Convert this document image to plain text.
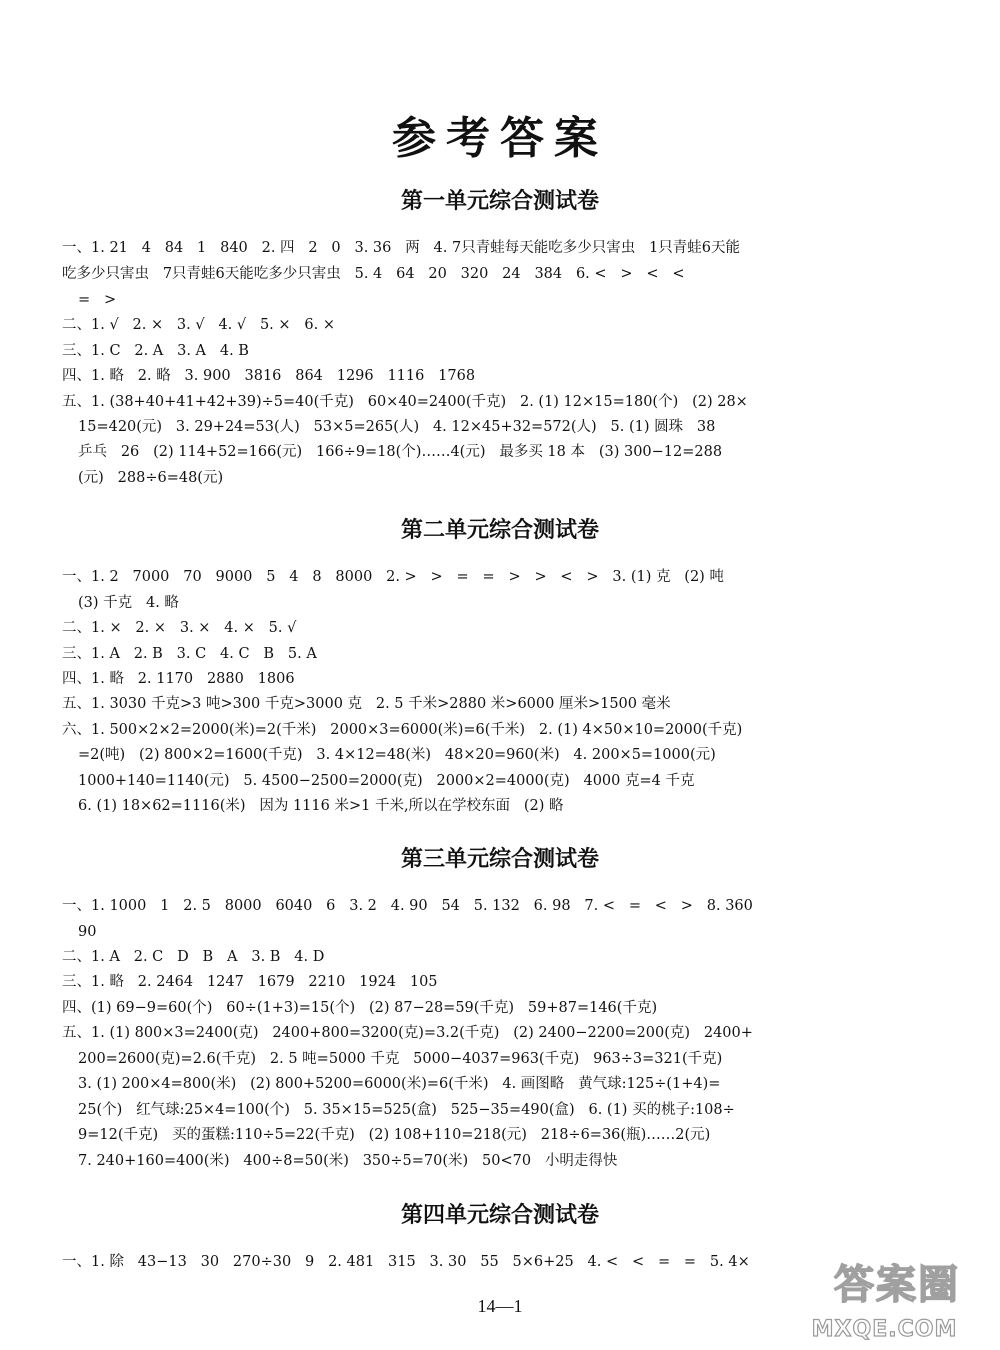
参考答案
第一单元综合测试卷
一、1. 21   4   84   1   840   2. 四   2   0   3. 36   两   4. 7只青蛙每天能吃多少只害虫   1只青蛙6天能
吃多少只害虫   7只青蛙6天能吃多少只害虫   5. 4   64   20   320   24   384   6. <   >   <   <
=   >
二、1. √   2. ×   3. √   4. √   5. ×   6. ×
三、1. C   2. A   3. A   4. B
四、1. 略   2. 略   3. 900   3816   864   1296   1116   1768
五、1. (38+40+41+42+39)÷5=40(千克)   60×40=2400(千克)   2. (1) 12×15=180(个)   (2) 28×
15=420(元)   3. 29+24=53(人)   53×5=265(人)   4. 12×45+32=572(人)   5. (1) 圆珠   38
乒乓   26   (2) 114+52=166(元)   166÷9=18(个)……4(元)   最多买 18 本   (3) 300−12=288
(元)   288÷6=48(元)
第二单元综合测试卷
一、1. 2   7000   70   9000   5   4   8   8000   2. >   >   =   =   >   >   <   >   3. (1) 克   (2) 吨
(3) 千克   4. 略
二、1. ×   2. ×   3. ×   4. ×   5. √
三、1. A   2. B   3. C   4. C   B   5. A
四、1. 略   2. 1170   2880   1806
五、1. 3030 千克>3 吨>300 千克>3000 克   2. 5 千米>2880 米>6000 厘米>1500 毫米
六、1. 500×2×2=2000(米)=2(千米)   2000×3=6000(米)=6(千米)   2. (1) 4×50×10=2000(千克)
=2(吨)   (2) 800×2=1600(千克)   3. 4×12=48(米)   48×20=960(米)   4. 200×5=1000(元)
1000+140=1140(元)   5. 4500−2500=2000(克)   2000×2=4000(克)   4000 克=4 千克
6. (1) 18×62=1116(米)   因为 1116 米>1 千米,所以在学校东面   (2) 略
第三单元综合测试卷
一、1. 1000   1   2. 5   8000   6040   6   3. 2   4. 90   54   5. 132   6. 98   7. <   =   <   >   8. 360
90
二、1. A   2. C   D   B   A   3. B   4. D
三、1. 略   2. 2464   1247   1679   2210   1924   105
四、(1) 69−9=60(个)   60÷(1+3)=15(个)   (2) 87−28=59(千克)   59+87=146(千克)
五、1. (1) 800×3=2400(克)   2400+800=3200(克)=3.2(千克)   (2) 2400−2200=200(克)   2400+
200=2600(克)=2.6(千克)   2. 5 吨=5000 千克   5000−4037=963(千克)   963÷3=321(千克)
3. (1) 200×4=800(米)   (2) 800+5200=6000(米)=6(千米)   4. 画图略   黄气球:125÷(1+4)=
25(个)   红气球:25×4=100(个)   5. 35×15=525(盒)   525−35=490(盒)   6. (1) 买的桃子:108÷
9=12(千克)   买的蛋糕:110÷5=22(千克)   (2) 108+110=218(元)   218÷6=36(瓶)……2(元)
7. 240+160=400(米)   400÷8=50(米)   350÷5=70(米)   50<70   小明走得快
第四单元综合测试卷
一、1. 除   43−13   30   270÷30   9   2. 481   315   3. 30   55   5×6+25   4. <   <   =   =   5. 4×
14—1	答案圈
MXQE.COM
